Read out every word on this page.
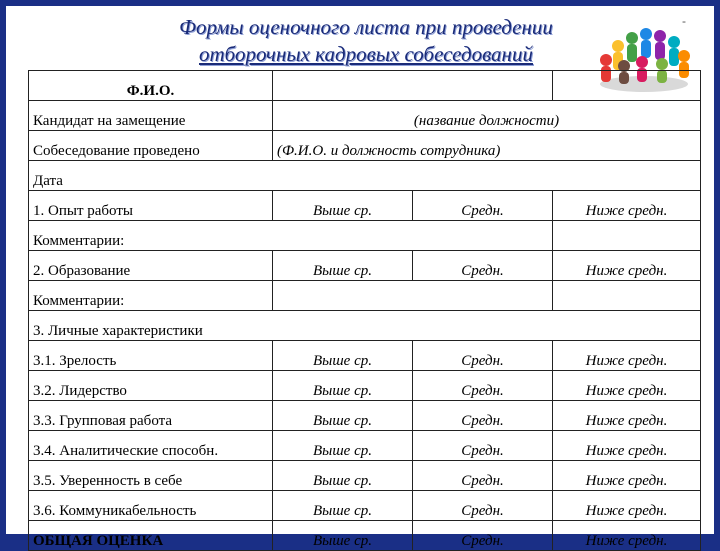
Формы оценочного листа при проведении
отборочных кадровых собеседований
-
Ф.И.О.			
Кандидат на замещение	(название должности)		
Собеседование проведено	(Ф.И.О. и должность сотрудника)		
Дата			
1. Опыт работы	Выше ср.	Средн.	Ниже средн.
Комментарии:			
2. Образование	Выше ср.	Средн.	Ниже средн.
Комментарии:			
3. Личные характеристики			
3.1. Зрелость	Выше ср.	Средн.	Ниже средн.
3.2. Лидерство	Выше ср.	Средн.	Ниже средн.
3.3. Групповая работа	Выше ср.	Средн.	Ниже средн.
3.4. Аналитические способн.	Выше ср.	Средн.	Ниже средн.
3.5. Уверенность в себе	Выше ср.	Средн.	Ниже средн.
3.6. Коммуникабельность	Выше ср.	Средн.	Ниже средн.
ОБЩАЯ ОЦЕНКА	Выше ср.	Средн.	Ниже средн.
